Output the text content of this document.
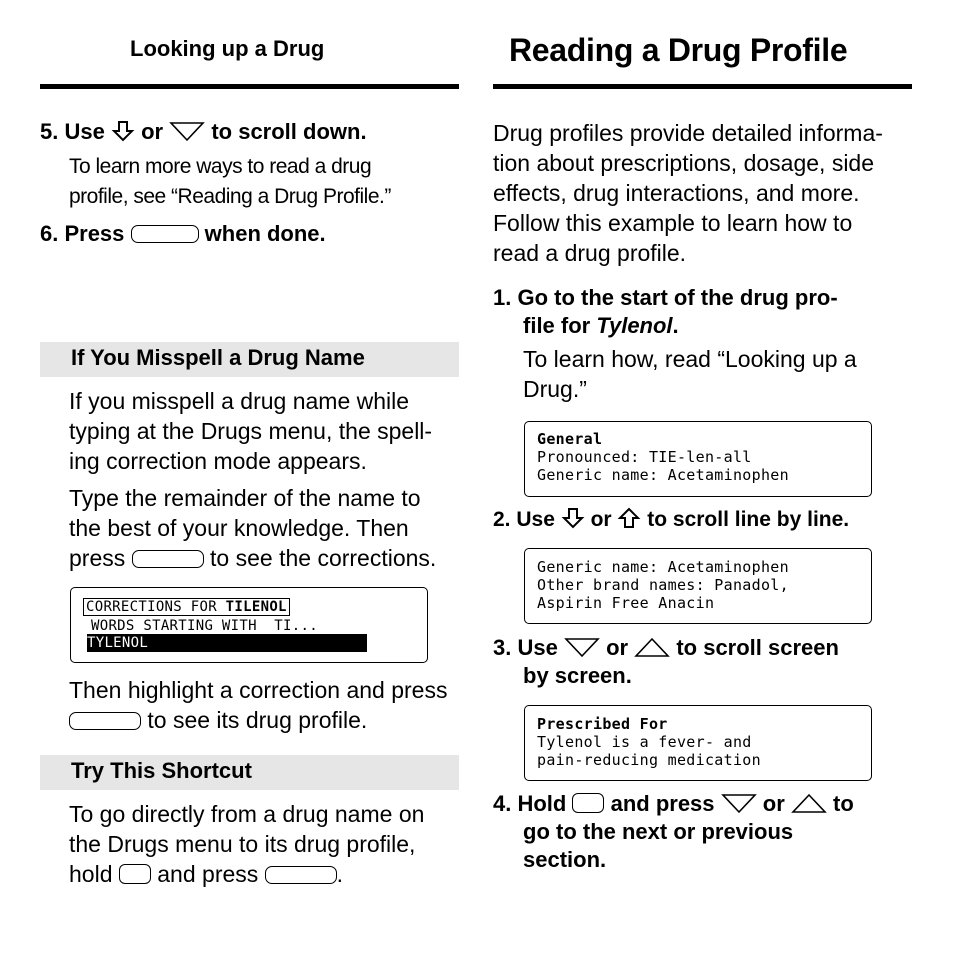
Looking up a Drug
5. Use or to scroll down.
To learn more ways to read a drug
profile, see “Reading a Drug Profile.”
6. Press	when done.
If You Misspell a Drug Name
If you misspell a drug name while
typing at the Drugs menu, the spell-
ing correction mode appears.
Type the remainder of the name to
the best of your knowledge. Then
press	to see the corrections.
CORRECTIONS FOR TILENOL
WORDS STARTING WITH  TI...
TYLENOL
Then highlight a correction and press
to see its drug profile.
Try This Shortcut
To go directly from a drug name on
the Drugs menu to its drug profile,
hold and press	.
Reading a Drug Profile
Drug profiles provide detailed informa-
tion about prescriptions, dosage, side
effects, drug interactions, and more.
Follow this example to learn how to
read a drug profile.
1. Go to the start of the drug pro-
file for Tylenol.
To learn how, read “Looking up a
Drug.”
General
Pronounced: TIE-len-all
Generic name: Acetaminophen
2. Use or to scroll line by line.
Generic name: Acetaminophen
Other brand names: Panadol,
Aspirin Free Anacin
3. Use or to scroll screen
by screen.
Prescribed For
Tylenol is a fever- and
pain-reducing medication
4. Hold and press or to
go to the next or previous
section.
